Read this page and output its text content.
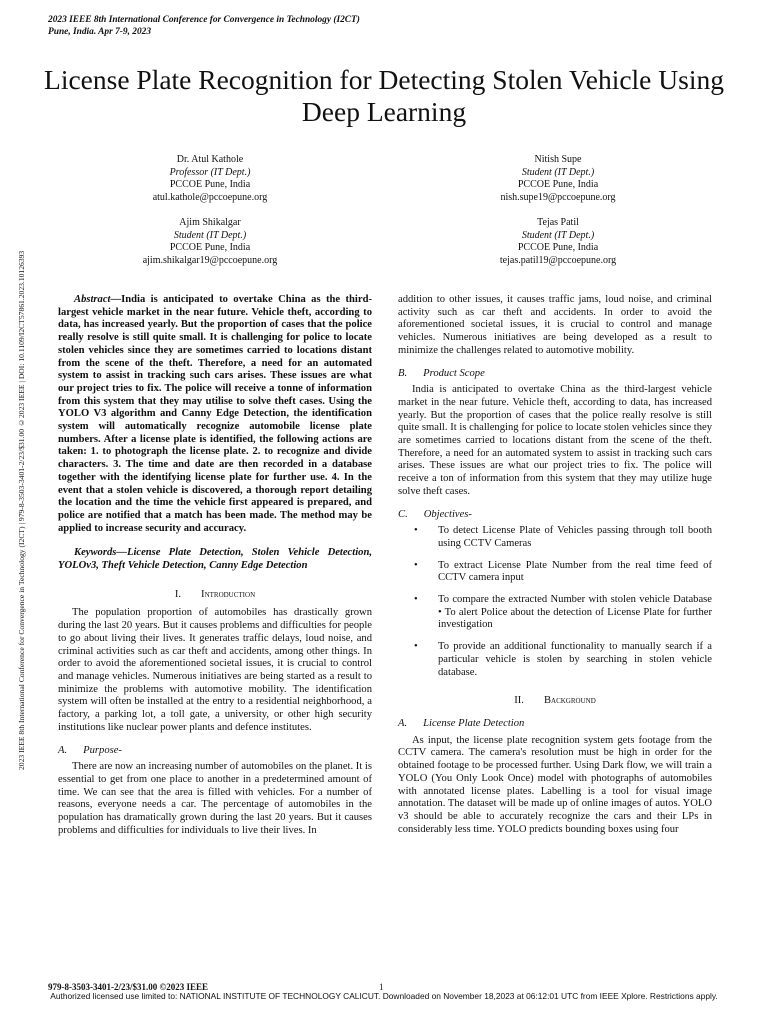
2023 IEEE 8th International Conference for Convergence in Technology (I2CT)
Pune, India. Apr 7-9, 2023
2023 IEEE 8th International Conference for Convergence in Technology (I2CT) | 979-8-3503-3401-2/23/$31.00 ©2023 IEEE | DOI: 10.1109/I2CT57861.2023.10126393
License Plate Recognition for Detecting Stolen Vehicle Using Deep Learning
Dr. Atul Kathole
Professor (IT Dept.)
PCCOE Pune, India
atul.kathole@pccoepune.org
Nitish Supe
Student (IT Dept.)
PCCOE Pune, India
nish.supe19@pccoepune.org
Ajim Shikalgar
Student (IT Dept.)
PCCOE Pune, India
ajim.shikalgar19@pccoepune.org
Tejas Patil
Student (IT Dept.)
PCCOE Pune, India
tejas.patil19@pccoepune.org

Abstract—India is anticipated to overtake China as the third-largest vehicle market in the near future. Vehicle theft, according to data, has increased yearly. But the proportion of cases that the police really resolve is still quite small. It is challenging for police to locate stolen vehicles since they are sometimes carried to locations distant from the scene of the theft. Therefore, a need for an automated system to assist in tracking such cars arises. These issues are what our project tries to fix. The police will receive a tonne of information from this system that they may utilise to solve theft cases. Using the YOLO V3 algorithm and Canny Edge Detection, the identification system will automatically recognize automobile license plate numbers. After a license plate is identified, the following actions are taken: 1. to photograph the license plate. 2. to recognize and divide characters. 3. The time and date are then recorded in a database together with the identifying license plate for further use. 4. In the event that a stolen vehicle is discovered, a thorough report detailing the location and the time the vehicle first appeared is prepared, and police are notified that a match has been made. The method may be applied to increase security and accuracy.

Keywords—License Plate Detection, Stolen Vehicle Detection, YOLOv3, Theft Vehicle Detection, Canny Edge Detection

I. Introduction

The population proportion of automobiles has drastically grown during the last 20 years. But it causes problems and difficulties for people to go about living their lives. It generates traffic delays, loud noise, and criminal activities such as car theft and accidents, among other things. In order to avoid the aforementioned societal issues, it is crucial to control and manage vehicles. Numerous initiatives are being started as a result to minimize the problems with automotive mobility. The identification system will often be installed at the entry to a residential neighborhood, a factory, a parking lot, a toll gate, a university, or other high security institutions like nuclear power plants and defence institutes.

A. Purpose-

There are now an increasing number of automobiles on the planet. It is essential to get from one place to another in a predetermined amount of time. We can see that the area is filled with vehicles. For a number of reasons, everyone needs a car. The percentage of automobiles in the population has dramatically grown during the last 20 years. But it causes problems and difficulties for individuals to live their lives. In

addition to other issues, it causes traffic jams, loud noise, and criminal activity such as car theft and accidents. In order to avoid the aforementioned societal issues, it is crucial to control and manage vehicles. Numerous initiatives are being developed as a result to minimize the challenges related to automotive mobility.

B. Product Scope

India is anticipated to overtake China as the third-largest vehicle market in the near future. Vehicle theft, according to data, has increased yearly. But the proportion of cases that the police really resolve is still quite small. It is challenging for police to locate stolen vehicles since they are sometimes carried to locations distant from the scene of the theft. Therefore, a need for an automated system to assist in tracking such cars arises. These issues are what our project tries to fix. The police will receive a ton of information from this system that they may utilize huge solve theft cases.

C. Objectives-

• To detect License Plate of Vehicles passing through toll booth using CCTV Cameras
• To extract License Plate Number from the real time feed of CCTV camera input
• To compare the extracted Number with stolen vehicle Database • To alert Police about the detection of License Plate for further investigation
• To provide an additional functionality to manually search if a particular vehicle is stolen by searching in stolen vehicle database.

II. Background

A. License Plate Detection

As input, the license plate recognition system gets footage from the CCTV camera. The camera's resolution must be high in order for the obtained footage to be processed further. Using Dark flow, we will train a YOLO (You Only Look Once) model with photographs of automobiles with annotated license plates. Labelling is a tool for visual image annotation. The dataset will be made up of online images of autos. YOLO v3 should be able to accurately recognize the cars and their LPs in considerably less time. YOLO predicts bounding boxes using four

979-8-3503-3401-2/23/$31.00 ©2023 IEEE	1
Authorized licensed use limited to: NATIONAL INSTITUTE OF TECHNOLOGY CALICUT. Downloaded on November 18,2023 at 06:12:01 UTC from IEEE Xplore. Restrictions apply.
